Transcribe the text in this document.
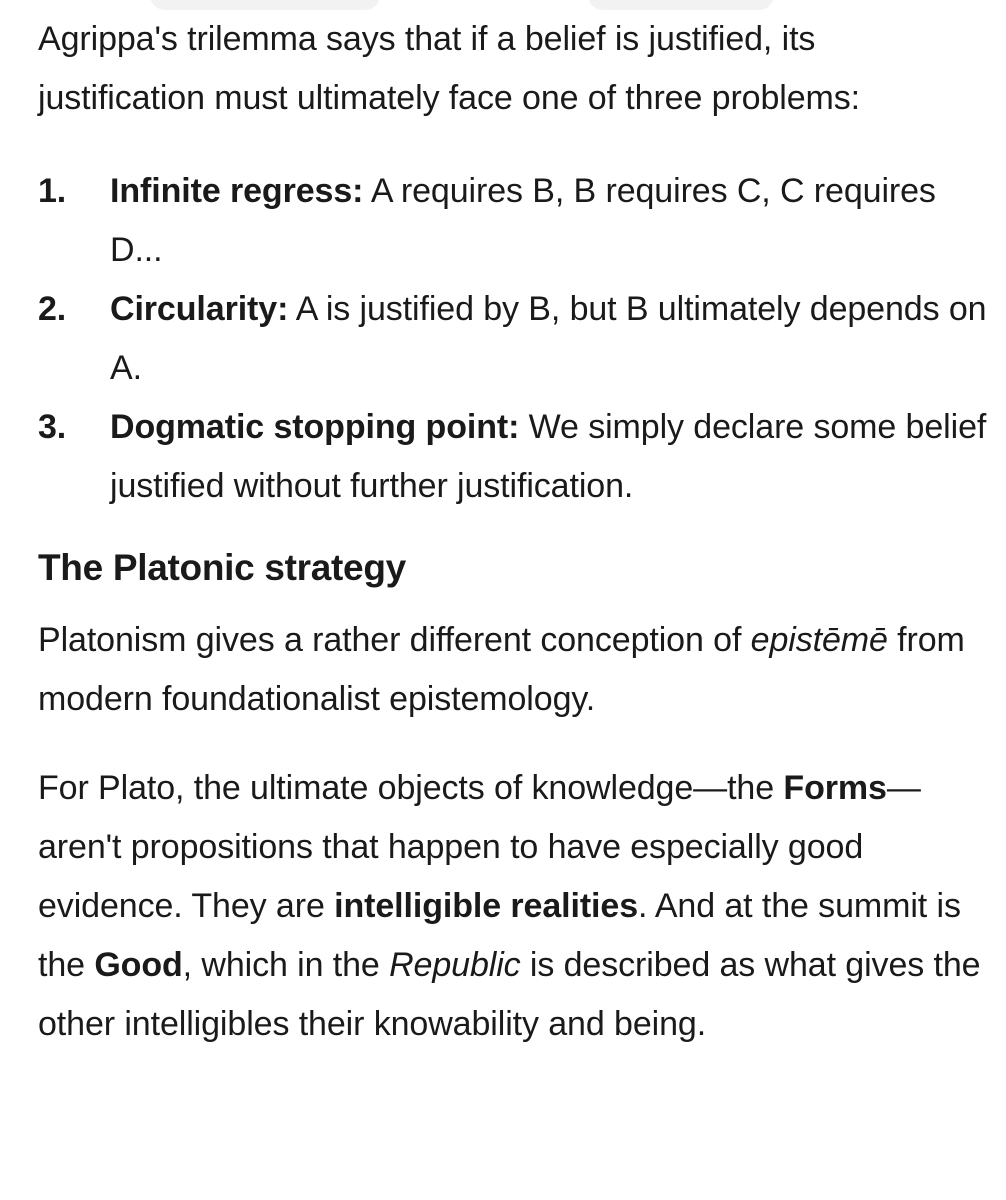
Agrippa's trilemma says that if a belief is justified, its justification must ultimately face one of three problems:

1. Infinite regress: A requires B, B requires C, C requires D...
2. Circularity: A is justified by B, but B ultimately depends on A.
3. Dogmatic stopping point: We simply declare some belief justified without further justification.
The Platonic strategy

Platonism gives a rather different conception of epistēmē from modern foundationalist epistemology.

For Plato, the ultimate objects of knowledge—the Forms—aren't propositions that happen to have especially good evidence. They are intelligible realities. And at the summit is the Good, which in the Republic is described as what gives the other intelligibles their knowability and being.
